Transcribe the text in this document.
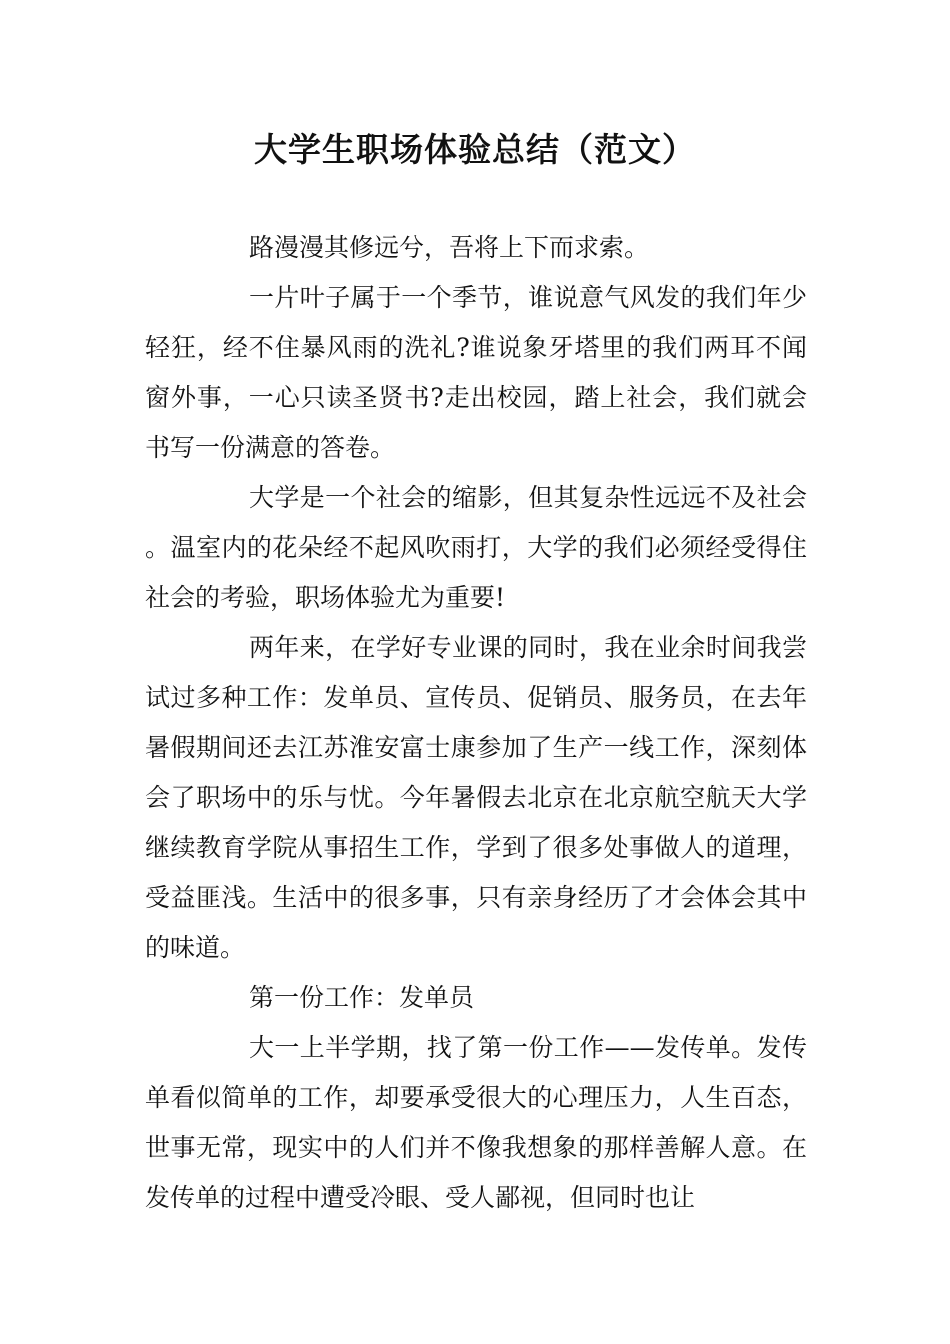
大学生职场体验总结（范文）

路漫漫其修远兮，吾将上下而求索。

一片叶子属于一个季节，谁说意气风发的我们年少轻狂，经不住暴风雨的洗礼?谁说象牙塔里的我们两耳不闻窗外事，一心只读圣贤书?走出校园，踏上社会，我们就会书写一份满意的答卷。

大学是一个社会的缩影，但其复杂性远远不及社会。温室内的花朵经不起风吹雨打，大学的我们必须经受得住社会的考验，职场体验尤为重要!

两年来，在学好专业课的同时，我在业余时间我尝试过多种工作：发单员、宣传员、促销员、服务员，在去年暑假期间还去江苏淮安富士康参加了生产一线工作，深刻体会了职场中的乐与忧。今年暑假去北京在北京航空航天大学继续教育学院从事招生工作，学到了很多处事做人的道理，受益匪浅。生活中的很多事，只有亲身经历了才会体会其中的味道。

第一份工作：发单员

大一上半学期，找了第一份工作——发传单。发传单看似简单的工作，却要承受很大的心理压力，人生百态，世事无常，现实中的人们并不像我想象的那样善解人意。在发传单的过程中遭受冷眼、受人鄙视，但同时也让
